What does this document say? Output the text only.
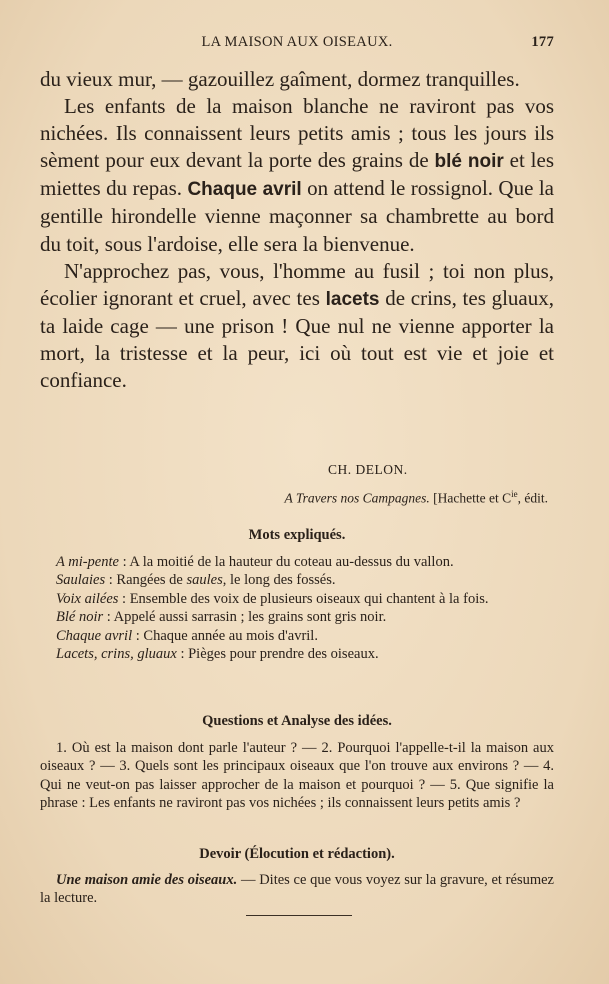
LA MAISON AUX OISEAUX.	177

du vieux mur, — gazouillez gaîment, dormez tranquilles.

Les enfants de la maison blanche ne raviront pas vos nichées. Ils connaissent leurs petits amis ; tous les jours ils sèment pour eux devant la porte des grains de blé noir et les miettes du repas. Chaque avril on attend le rossignol. Que la gentille hirondelle vienne maçonner sa chambrette au bord du toit, sous l'ardoise, elle sera la bienvenue.

N'approchez pas, vous, l'homme au fusil ; toi non plus, écolier ignorant et cruel, avec tes lacets de crins, tes gluaux, ta laide cage — une prison ! Que nul ne vienne apporter la mort, la tristesse et la peur, ici où tout est vie et joie et confiance.

CH. DELON.
A Travers nos Campagnes. [Hachette et $C^{ie}$, édit.
Mots expliqués.

A mi-pente : A la moitié de la hauteur du coteau au-dessus du vallon.

Saulaies : Rangées de saules, le long des fossés.

Voix ailées : Ensemble des voix de plusieurs oiseaux qui chantent à la fois.

Blé noir : Appelé aussi sarrasin ; les grains sont gris noir.

Chaque avril : Chaque année au mois d'avril.

Lacets, crins, gluaux : Pièges pour prendre des oiseaux.

Questions et Analyse des idées.

1. Où est la maison dont parle l'auteur ? — 2. Pourquoi l'appelle-t-il la maison aux oiseaux ? — 3. Quels sont les principaux oiseaux que l'on trouve aux environs ? — 4. Qui ne veut-on pas laisser approcher de la maison et pourquoi ? — 5. Que signifie la phrase : Les enfants ne raviront pas vos nichées ; ils connaissent leurs petits amis ?

Devoir (Élocution et rédaction).

Une maison amie des oiseaux. — Dites ce que vous voyez sur la gravure, et résumez la lecture.
